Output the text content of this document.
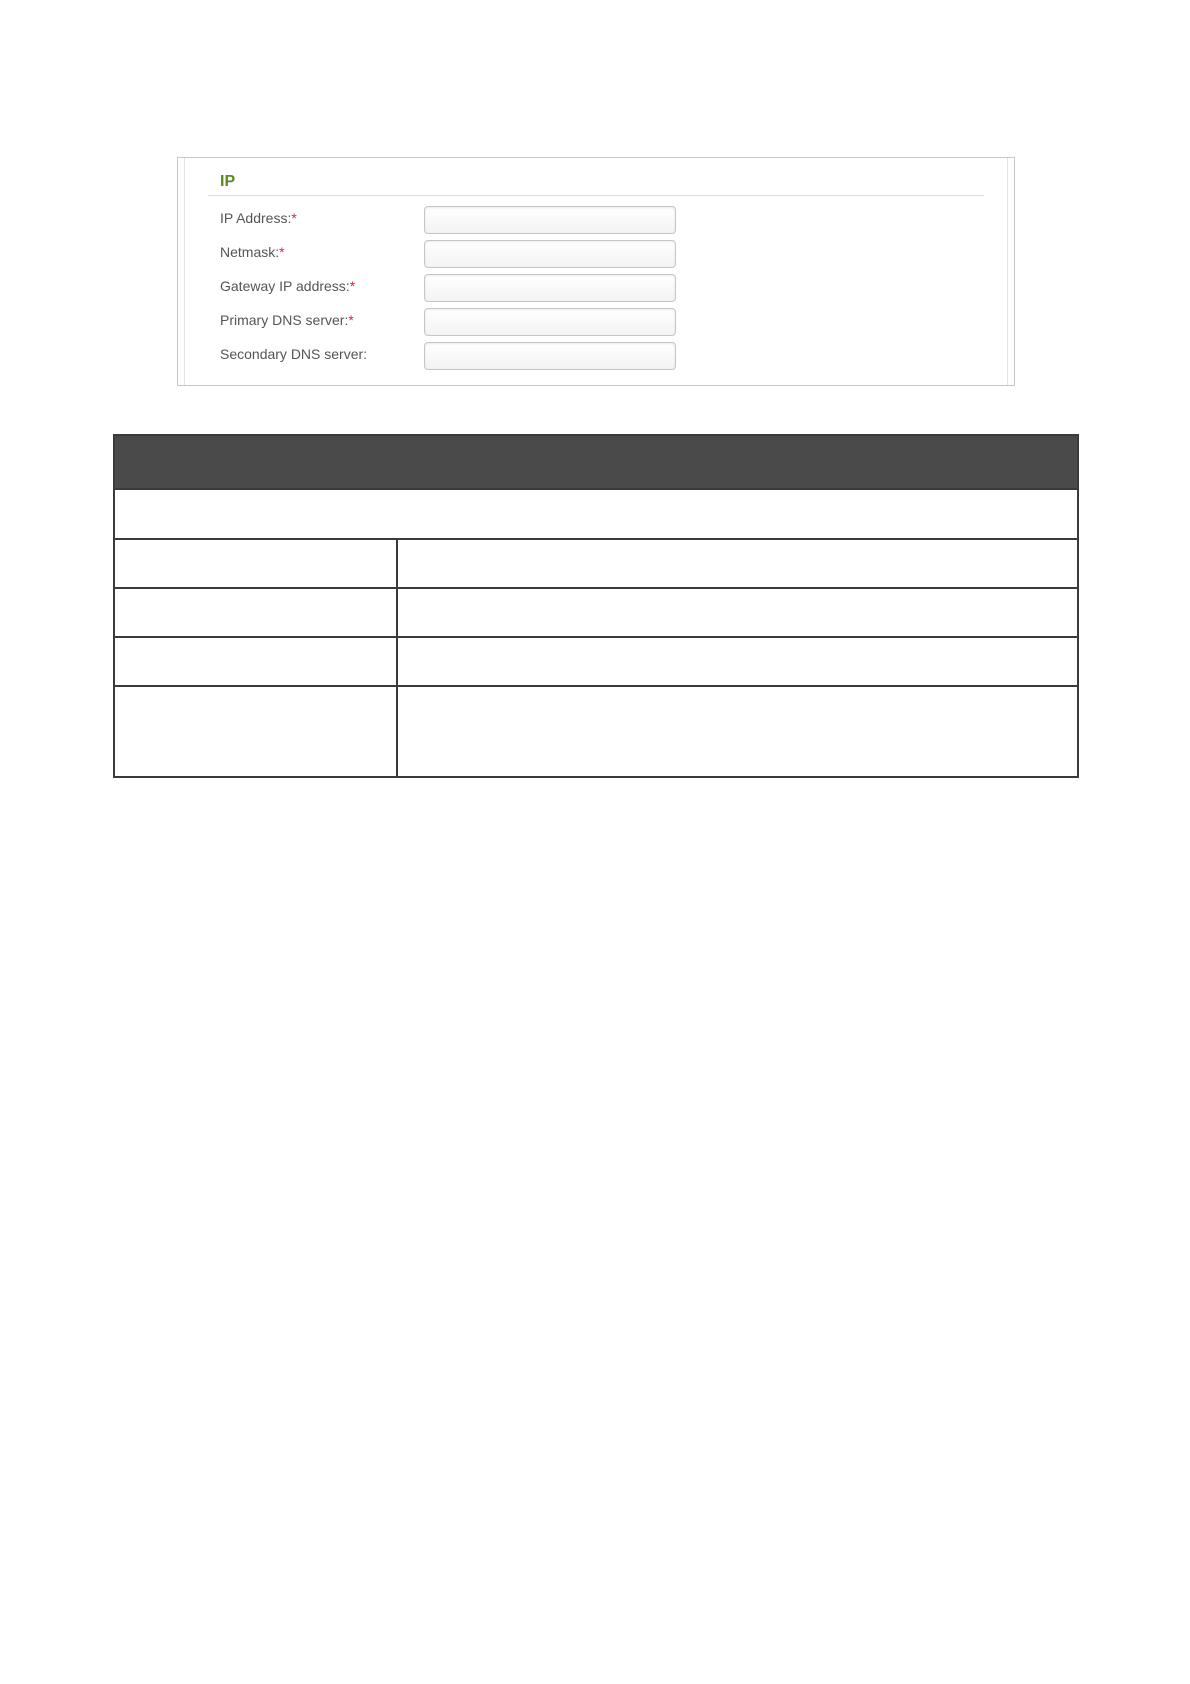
IP
IP Address:*
Netmask:*
Gateway IP address:*
Primary DNS server:*
Secondary DNS server:
